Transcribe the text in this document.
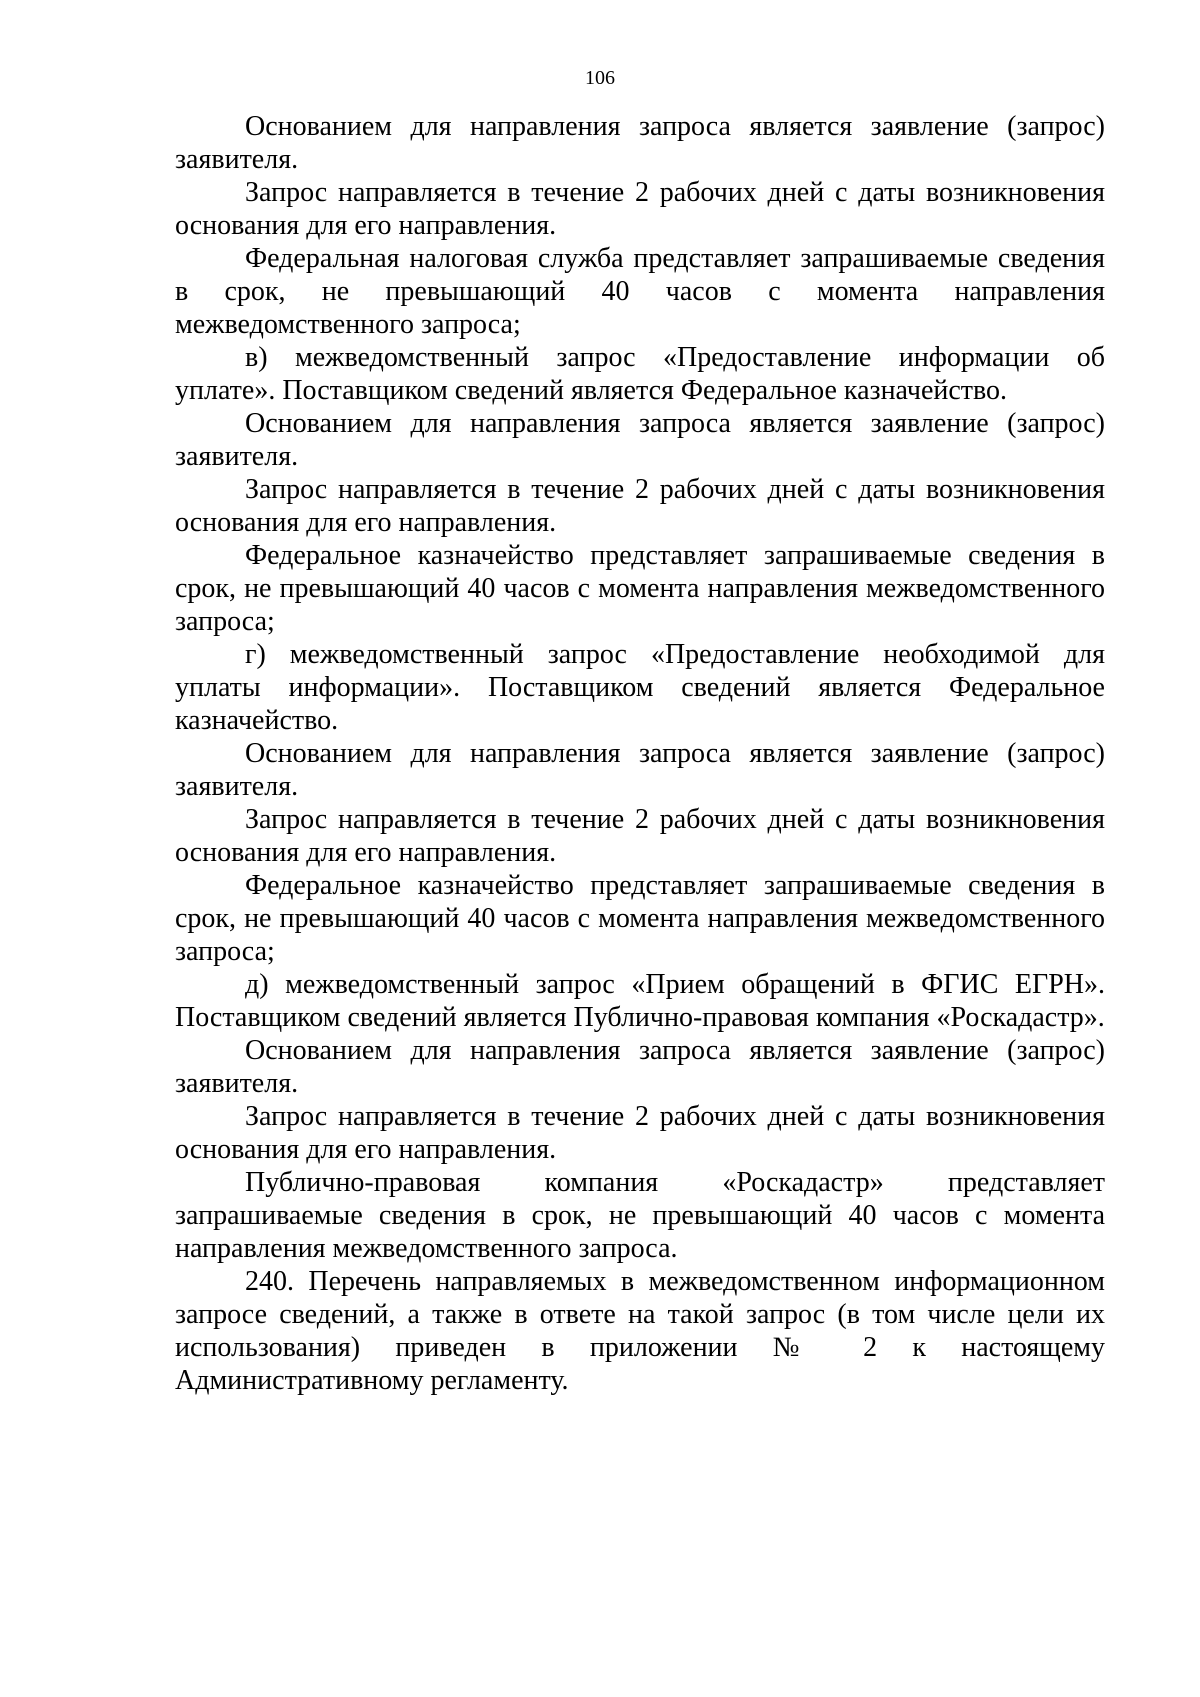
106

Основанием для направления запроса является заявление (запрос) заявителя.

Запрос направляется в течение 2 рабочих дней с даты возникновения основания для его направления.

Федеральная налоговая служба представляет запрашиваемые сведения в срок, не превышающий 40 часов с момента направления межведомственного запроса;

в) межведомственный запрос «Предоставление информации об уплате». Поставщиком сведений является Федеральное казначейство.

Основанием для направления запроса является заявление (запрос) заявителя.

Запрос направляется в течение 2 рабочих дней с даты возникновения основания для его направления.

Федеральное казначейство представляет запрашиваемые сведения в срок, не превышающий 40 часов с момента направления межведомственного запроса;

г) межведомственный запрос «Предоставление необходимой для уплаты информации». Поставщиком сведений является Федеральное казначейство.

Основанием для направления запроса является заявление (запрос) заявителя.

Запрос направляется в течение 2 рабочих дней с даты возникновения основания для его направления.

Федеральное казначейство представляет запрашиваемые сведения в срок, не превышающий 40 часов с момента направления межведомственного запроса;

д) межведомственный запрос «Прием обращений в ФГИС ЕГРН». Поставщиком сведений является Публично-правовая компания «Роскадастр».

Основанием для направления запроса является заявление (запрос) заявителя.

Запрос направляется в течение 2 рабочих дней с даты возникновения основания для его направления.

Публично-правовая компания «Роскадастр» представляет запрашиваемые сведения в срок, не превышающий 40 часов с момента направления межведомственного запроса.

240. Перечень направляемых в межведомственном информационном запросе сведений, а также в ответе на такой запрос (в том числе цели их использования) приведен в приложении № 2 к настоящему Административному регламенту.
